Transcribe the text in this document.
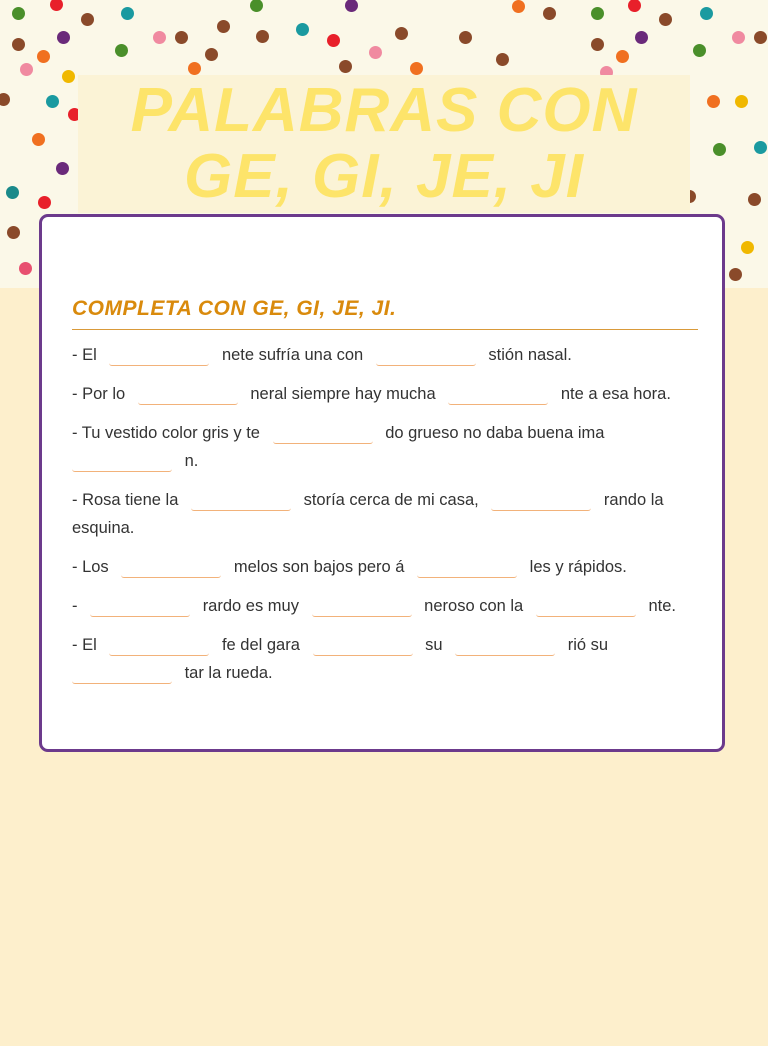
PALABRAS CON GE, GI, JE, JI
COMPLETA CON GE, GI, JE, JI.
- El	nete sufría una con	stión nasal.
- Por lo	neral siempre hay mucha	nte a esa hora.
- Tu vestido color gris y te	do grueso no daba buena ima  n.
- Rosa tiene la	storía cerca de mi casa,	rando la esquina.
- Los	melos son bajos pero á	les y rápidos.
-	rardo es muy	neroso con la	nte.
- El	fe del gara	su	rió su  tar la rueda.
